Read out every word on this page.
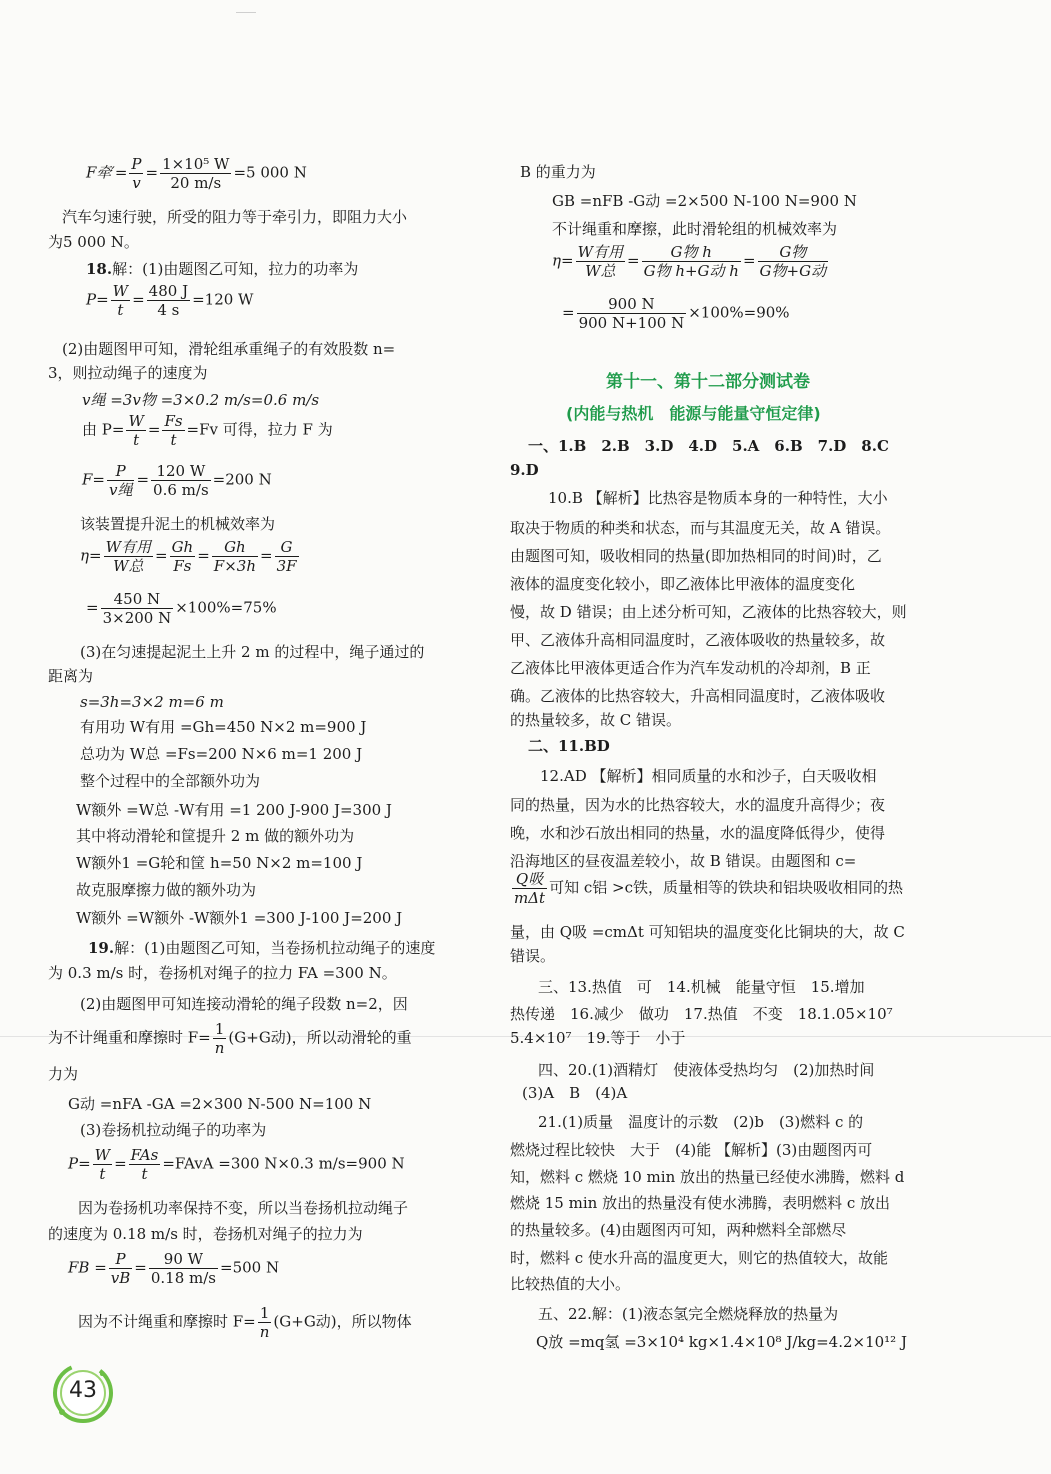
F牵′= $\frac{P}{v} = \frac{\text{1×10⁵ W}}{20 m/s} =5$ 000 N
汽车匀速行驶，所受的阻力等于牵引力，即阻力大小
为5 000 N。
18.解：(1)由题图乙可知，拉力的功率为
$P= \frac{W}{t} = \frac{480 J}{4 s} =120$ W
(2)由题图甲可知，滑轮组承重绳子的有效股数 n=
3，则拉动绳子的速度为
v绳 =3v物 =3×0.2 m/s=0.6 m/s
由 $P= \frac{W}{t} = \frac{Fs}{t} =Fv$ 可得，拉力 F 为
$F= \frac{P}{\text{v绳}} = \frac{120 W}{0.6 m/s} =200$ N
该装置提升泥土的机械效率为
$\eta= \frac{\text{W有用}}{\text{W总}} = \frac{Gh}{Fs} = \frac{Gh}{F\times 3h} = \frac{G}{3F}$
= $\frac{450 N}{3\times 200 N} \times 100\%=75\%$
(3)在匀速提起泥土上升 2 m 的过程中，绳子通过的
距离为
s=3h=3×2 m=6 m
有用功 W有用 =Gh=450 N×2 m=900 J
总功为 W总 =Fs=200 N×6 m=1 200 J
整个过程中的全部额外功为
W额外 =W总 -W有用 =1 200 J-900 J=300 J
其中将动滑轮和筐提升 2 m 做的额外功为
W额外1 =G轮和筐 h=50 N×2 m=100 J
故克服摩擦力做的额外功为
W额外 =W额外 -W额外1 =300 J-100 J=200 J
19.解：(1)由题图乙可知，当卷扬机拉动绳子的速度
为 0.3 m/s 时，卷扬机对绳子的拉力 FA =300 N。
(2)由题图甲可知连接动滑轮的绳子段数 n=2，因
为不计绳重和摩擦时 $F= \frac{1}{n} (G+G$动)，所以动滑轮的重
力为
G动 =nFA -GA =2×300 N-500 N=100 N
(3)卷扬机拉动绳子的功率为
$P= \frac{W}{t} = \frac{\text{FAs}}{t}$ =FAvA =300 N×0.3 m/s=900 N
因为卷扬机功率保持不变，所以当卷扬机拉动绳子
的速度为 0.18 m/s 时，卷扬机对绳子的拉力为
FB = $\frac{P}{vB} = \frac{90 W}{0.18 m/s} =500$ N
因为不计绳重和摩擦时 $F= \frac{1}{n} (G+G$动)，所以物体
B 的重力为
GB =nFB -G动 =2×500 N-100 N=900 N
不计绳重和摩擦，此时滑轮组的机械效率为
$\eta= \frac{\text{W有用}}{\text{W总}} = \frac{\text{G物 h}}{\text{G物 h+G动 h}} = \frac{\text{G物}}{\text{G物+G动}}$
= $\frac{900 N}{900 N+100 N} \times 100\%=90\%$
第十一、第十二部分测试卷
(内能与热机　能源与能量守恒定律)
一、1.B　2.B　3.D　4.D　5.A　6.B　7.D　8.C
9.D
10.B 【解析】比热容是物质本身的一种特性，大小
取决于物质的种类和状态，而与其温度无关，故 A 错误。
由题图可知，吸收相同的热量(即加热相同的时间)时，乙
液体的温度变化较小，即乙液体比甲液体的温度变化
慢，故 D 错误；由上述分析可知，乙液体的比热容较大，则
甲、乙液体升高相同温度时，乙液体吸收的热量较多，故
乙液体比甲液体更适合作为汽车发动机的冷却剂，B 正
确。乙液体的比热容较大，升高相同温度时，乙液体吸收
的热量较多，故 C 错误。
二、11.BD
12.AD 【解析】相同质量的水和沙子，白天吸收相
同的热量，因为水的比热容较大，水的温度升高得少；夜
晚，水和沙石放出相同的热量，水的温度降低得少，使得
沿海地区的昼夜温差较小，故 B 错误。由题图和 c=
$\frac{\text{Q吸}}{\text{mΔt}}$ 可知 c铝 >c铁，质量相等的铁块和铝块吸收相同的热
量，由 Q吸 =cmΔt 可知铝块的温度变化比铜块的大，故 C
错误。
三、13.热值　可　14.机械　能量守恒　15.增加
热传递　16.减少　做功　17.热值　不变　18.1.05×10⁷
5.4×10⁷　19.等于　小于
四、20.(1)酒精灯　使液体受热均匀　(2)加热时间
(3)A　B　(4)A
21.(1)质量　温度计的示数　(2)b　(3)燃料 c 的
燃烧过程比较快　大于　(4)能 【解析】(3)由题图丙可
知，燃料 c 燃烧 10 min 放出的热量已经使水沸腾，燃料 d
燃烧 15 min 放出的热量没有使水沸腾，表明燃料 c 放出
的热量较多。(4)由题图丙可知，两种燃料全部燃尽
时，燃料 c 使水升高的温度更大，则它的热值较大，故能
比较热值的大小。
五、22.解：(1)液态氢完全燃烧释放的热量为
Q放 =mq氢 =3×10⁴ kg×1.4×10⁸ J/kg=4.2×10¹² J
43
